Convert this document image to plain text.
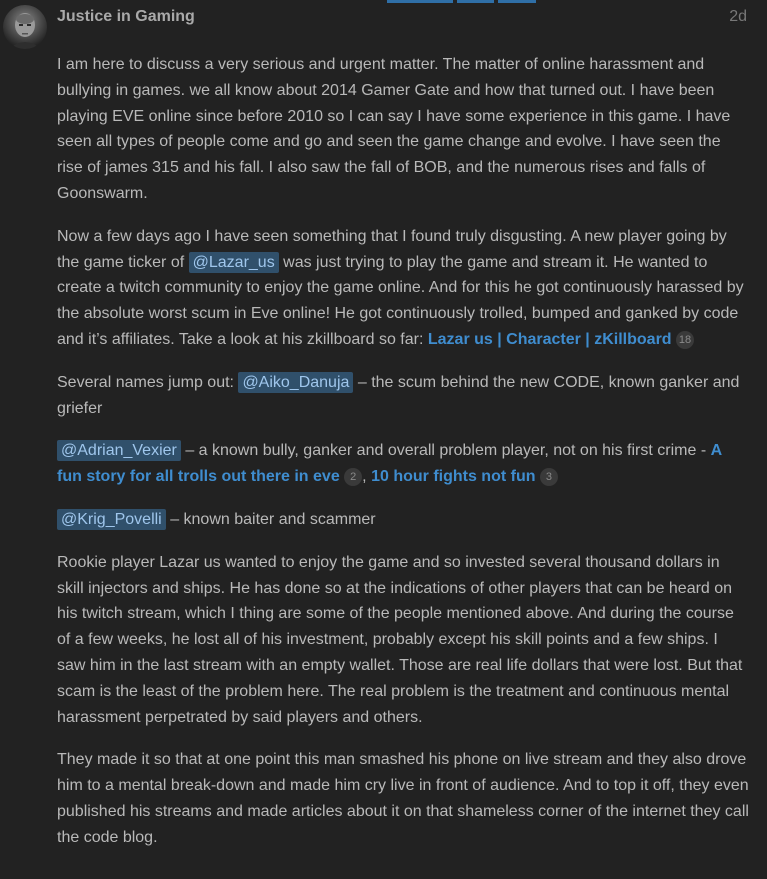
Justice in Gaming	2d

I am here to discuss a very serious and urgent matter. The matter of online harassment and bullying in games. we all know about 2014 Gamer Gate and how that turned out. I have been playing EVE online since before 2010 so I can say I have some experience in this game. I have seen all types of people come and go and seen the game change and evolve. I have seen the rise of james 315 and his fall. I also saw the fall of BOB, and the numerous rises and falls of Goonswarm.

Now a few days ago I have seen something that I found truly disgusting. A new player going by the game ticker of @Lazar_us was just trying to play the game and stream it. He wanted to create a twitch community to enjoy the game online. And for this he got continuously harassed by the absolute worst scum in Eve online! He got continuously trolled, bumped and ganked by code and it’s affiliates. Take a look at his zkillboard so far: Lazar us | Character | zKillboard 18

Several names jump out: @Aiko_Danuja – the scum behind the new CODE, known ganker and griefer

@Adrian_Vexier – a known bully, ganker and overall problem player, not on his first crime - A fun story for all trolls out there in eve 2 , 10 hour fights not fun 3

@Krig_Povelli – known baiter and scammer

Rookie player Lazar us wanted to enjoy the game and so invested several thousand dollars in skill injectors and ships. He has done so at the indications of other players that can be heard on his twitch stream, which I thing are some of the people mentioned above. And during the course of a few weeks, he lost all of his investment, probably except his skill points and a few ships. I saw him in the last stream with an empty wallet. Those are real life dollars that were lost. But that scam is the least of the problem here. The real problem is the treatment and continuous mental harassment perpetrated by said players and others.

They made it so that at one point this man smashed his phone on live stream and they also drove him to a mental break-down and made him cry live in front of audience. And to top it off, they even published his streams and made articles about it on that shameless corner of the internet they call the code blog.
